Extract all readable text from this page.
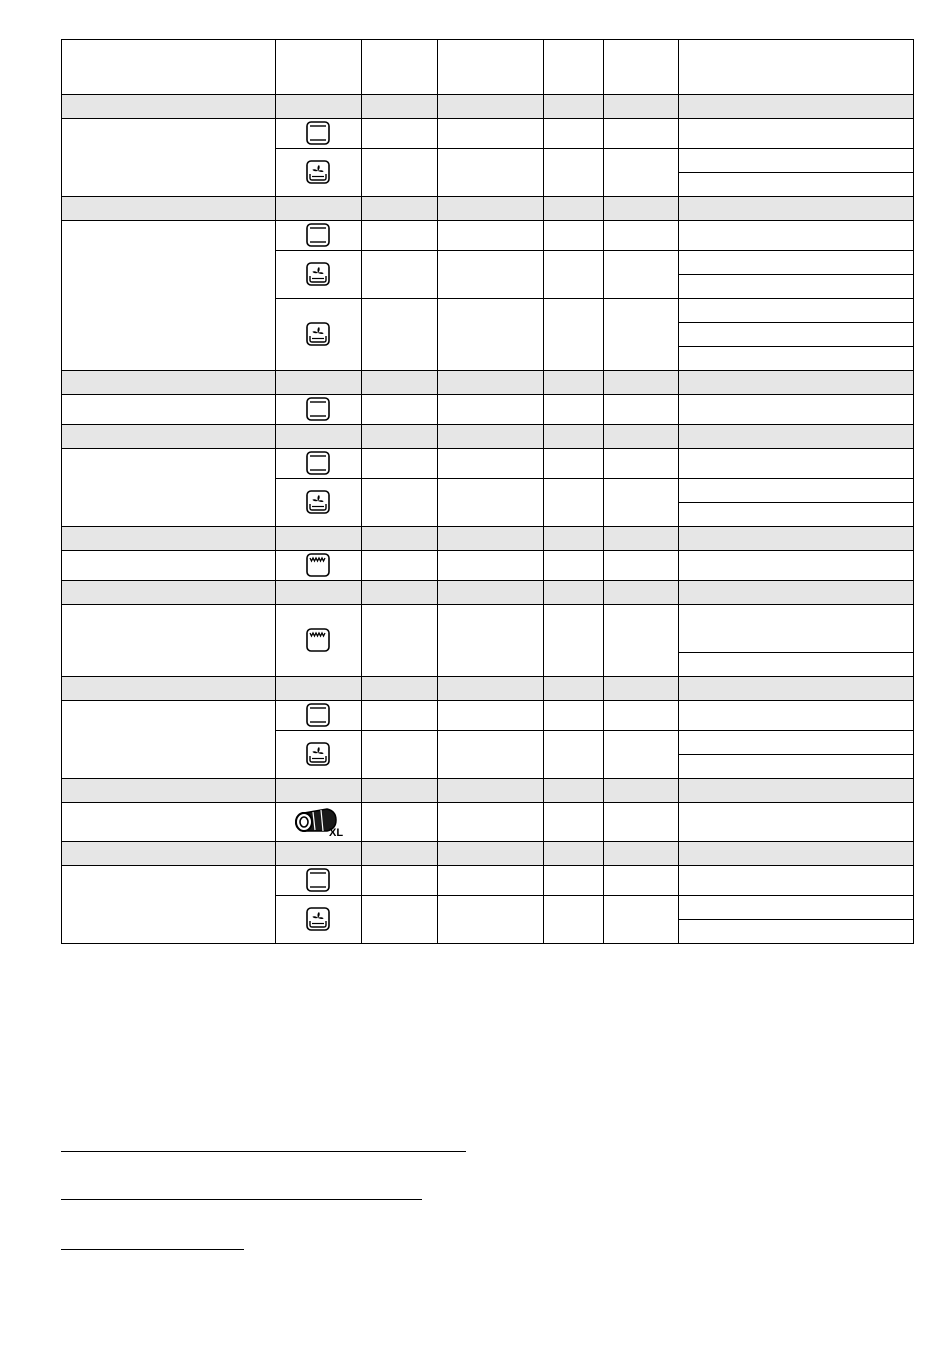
XL
